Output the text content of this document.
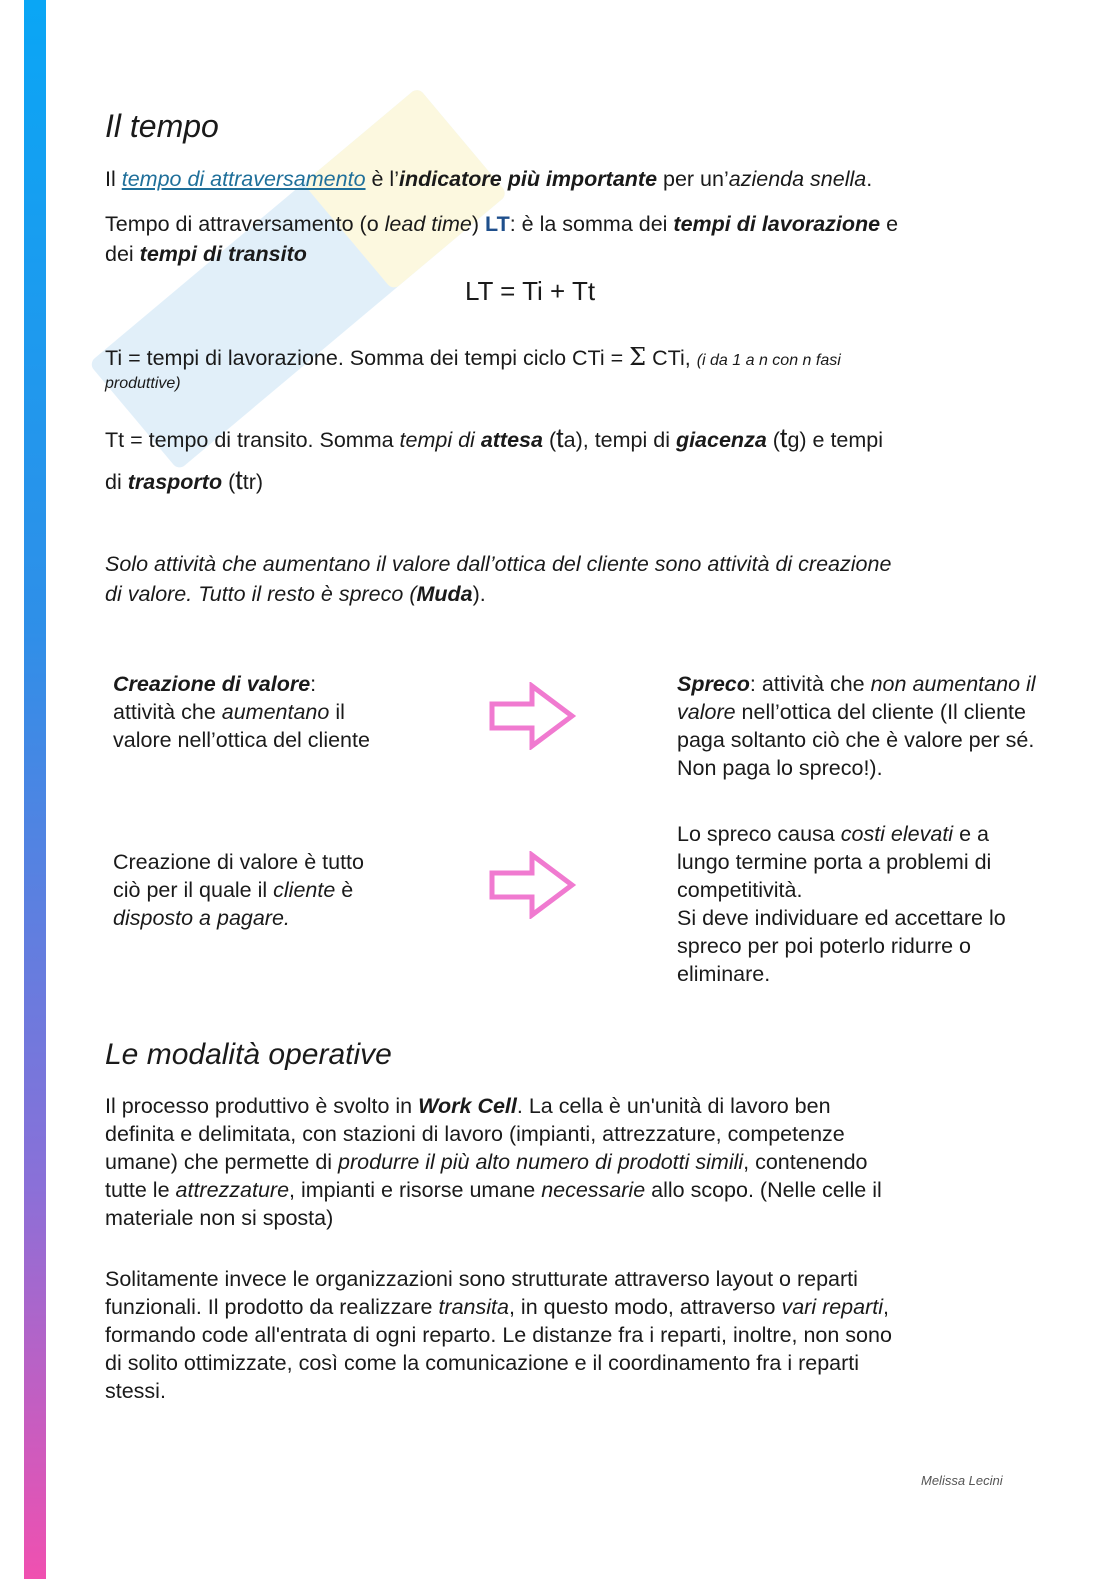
Il tempo
Il tempo di attraversamento è l’indicatore più importante per un’azienda snella.
Tempo di attraversamento (o lead time) LT: è la somma dei tempi di lavorazione e
dei tempi di transito
LT = Ti + Tt
Ti = tempi di lavorazione. Somma dei tempi ciclo CTi = Σ CTi, (i da 1 a n con n fasi
produttive)
Tt = tempo di transito. Somma tempi di attesa (ta), tempi di giacenza (tg) e tempi
di trasporto (ttr)
Solo attività che aumentano il valore dall’ottica del cliente sono attività di creazione
di valore. Tutto il resto è spreco (Muda).
Creazione di valore:
attività che aumentano il
valore nell’ottica del cliente
Spreco: attività che non aumentano il
valore nell’ottica del cliente (Il cliente
paga soltanto ciò che è valore per sé.
Non paga lo spreco!).
Creazione di valore è tutto
ciò per il quale il cliente è
disposto a pagare.
Lo spreco causa costi elevati e a
lungo termine porta a problemi di
competitività.
Si deve individuare ed accettare lo
spreco per poi poterlo ridurre o
eliminare.
Le modalità operative
Il processo produttivo è svolto in Work Cell. La cella è un'unità di lavoro ben
definita e delimitata, con stazioni di lavoro (impianti, attrezzature, competenze
umane) che permette di produrre il più alto numero di prodotti simili, contenendo
tutte le attrezzature, impianti e risorse umane necessarie allo scopo. (Nelle celle il
materiale non si sposta)
Solitamente invece le organizzazioni sono strutturate attraverso layout o reparti
funzionali. Il prodotto da realizzare transita, in questo modo, attraverso vari reparti,
formando code all'entrata di ogni reparto. Le distanze fra i reparti, inoltre, non sono
di solito ottimizzate, così come la comunicazione e il coordinamento fra i reparti
stessi.
Melissa Lecini
